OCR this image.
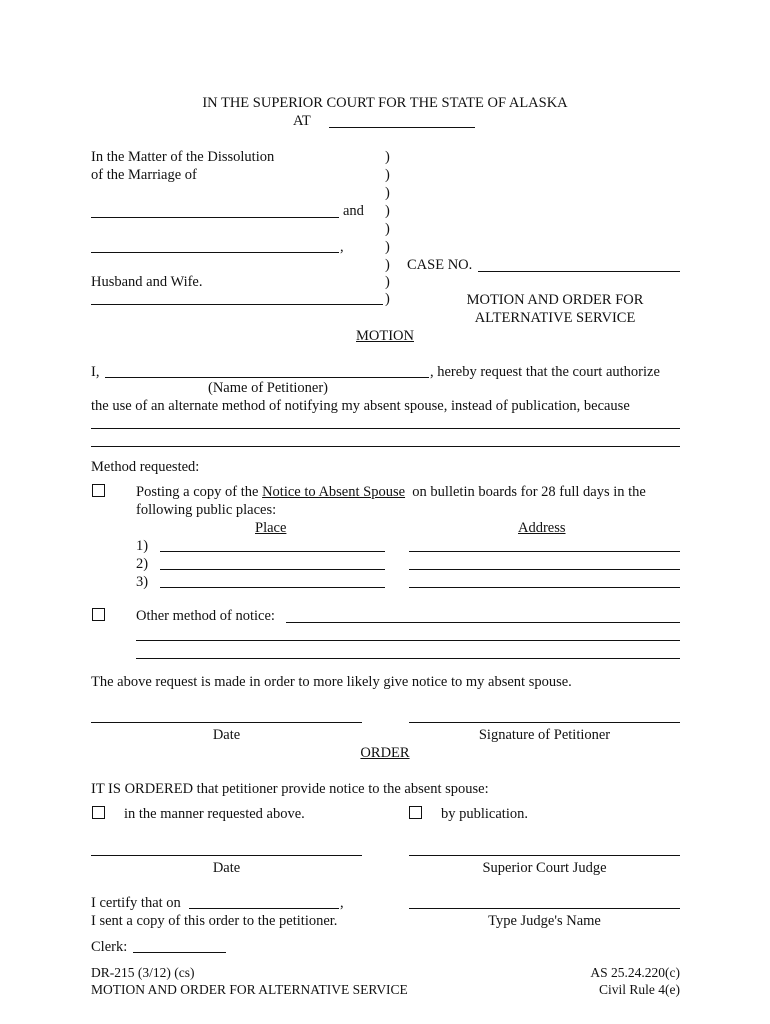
IN THE SUPERIOR COURT FOR THE STATE OF ALASKA
AT
In the Matter of the Dissolution
of the Marriage of
and
,
Husband and Wife.
)
)
)
)
)
)
)
)
)
CASE NO.
MOTION AND ORDER FOR
ALTERNATIVE SERVICE
MOTION
I,	, hereby request that the court authorize
(Name of Petitioner)
the use of an alternate method of notifying my absent spouse, instead of publication, because
Method requested:
Posting a copy of the Notice to Absent Spouse on bulletin boards for 28 full days in the
following public places:
Place	Address
1)
2)
3)
Other method of notice:
The above request is made in order to more likely give notice to my absent spouse.
Date	Signature of Petitioner
ORDER
IT IS ORDERED that petitioner provide notice to the absent spouse:
in the manner requested above.	by publication.
Date	Superior Court Judge
I certify that on	,
I sent a copy of this order to the petitioner.	Type Judge's Name
Clerk:
DR-215 (3/12) (cs)
MOTION AND ORDER FOR ALTERNATIVE SERVICE
AS 25.24.220(c)
Civil Rule 4(e)
